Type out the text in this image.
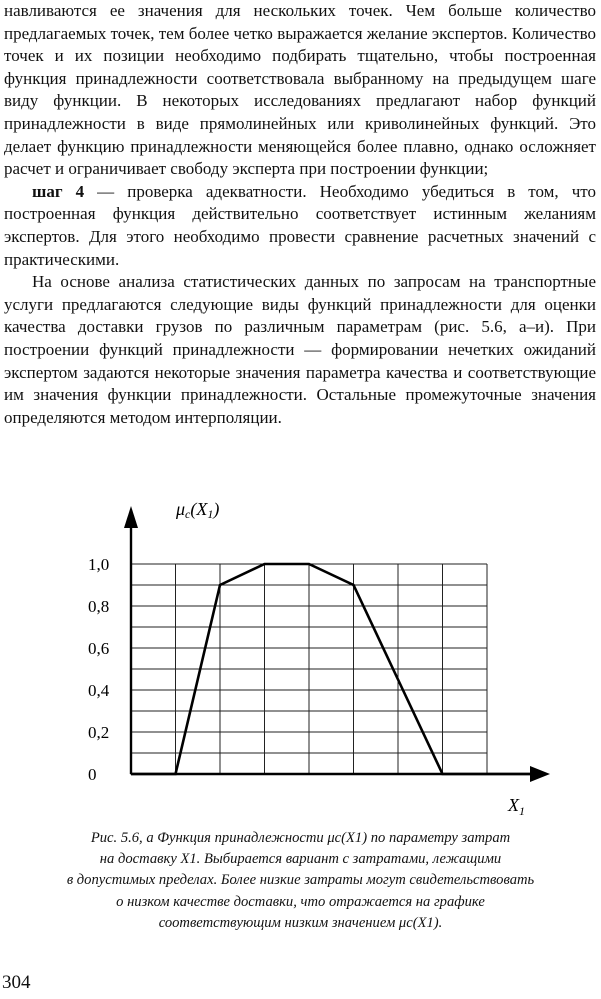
навливаются ее значения для нескольких точек. Чем больше количество предлагаемых точек, тем более четко выражается желание экспертов. Количество точек и их позиции необходимо подбирать тщательно, чтобы построенная функция принадлежности соответствовала выбранному на предыдущем шаге виду функции. В некоторых исследованиях предлагают набор функций принадлежности в виде прямолинейных или криволинейных функций. Это делает функцию принадлежности меняющейся более плавно, однако осложняет расчет и ограничивает свободу эксперта при построении функции;

шаг 4 — проверка адекватности. Необходимо убедиться в том, что построенная функция действительно соответствует истинным желаниям экспертов. Для этого необходимо провести сравнение расчетных значений с практическими.

На основе анализа статистических данных по запросам на транспортные услуги предлагаются следующие виды функций принадлежности для оценки качества доставки грузов по различным параметрам (рис. 5.6, а–и). При построении функций принадлежности — формировании нечетких ожиданий экспертом задаются некоторые значения параметра качества и соответствующие им значения функции принадлежности. Остальные промежуточные значения определяются методом интерполяции.

1,0
0,8
0,6
0,4
0,2
0
μc(X1)
$X_1$
Рис. 5.6, а Функция принадлежности μc(X1) по параметру затрат
на доставку X1. Выбирается вариант с затратами, лежащими
в допустимых пределах. Более низкие затраты могут свидетельствовать
о низком качестве доставки, что отражается на графике
соответствующим низким значением μc(X1).
304
